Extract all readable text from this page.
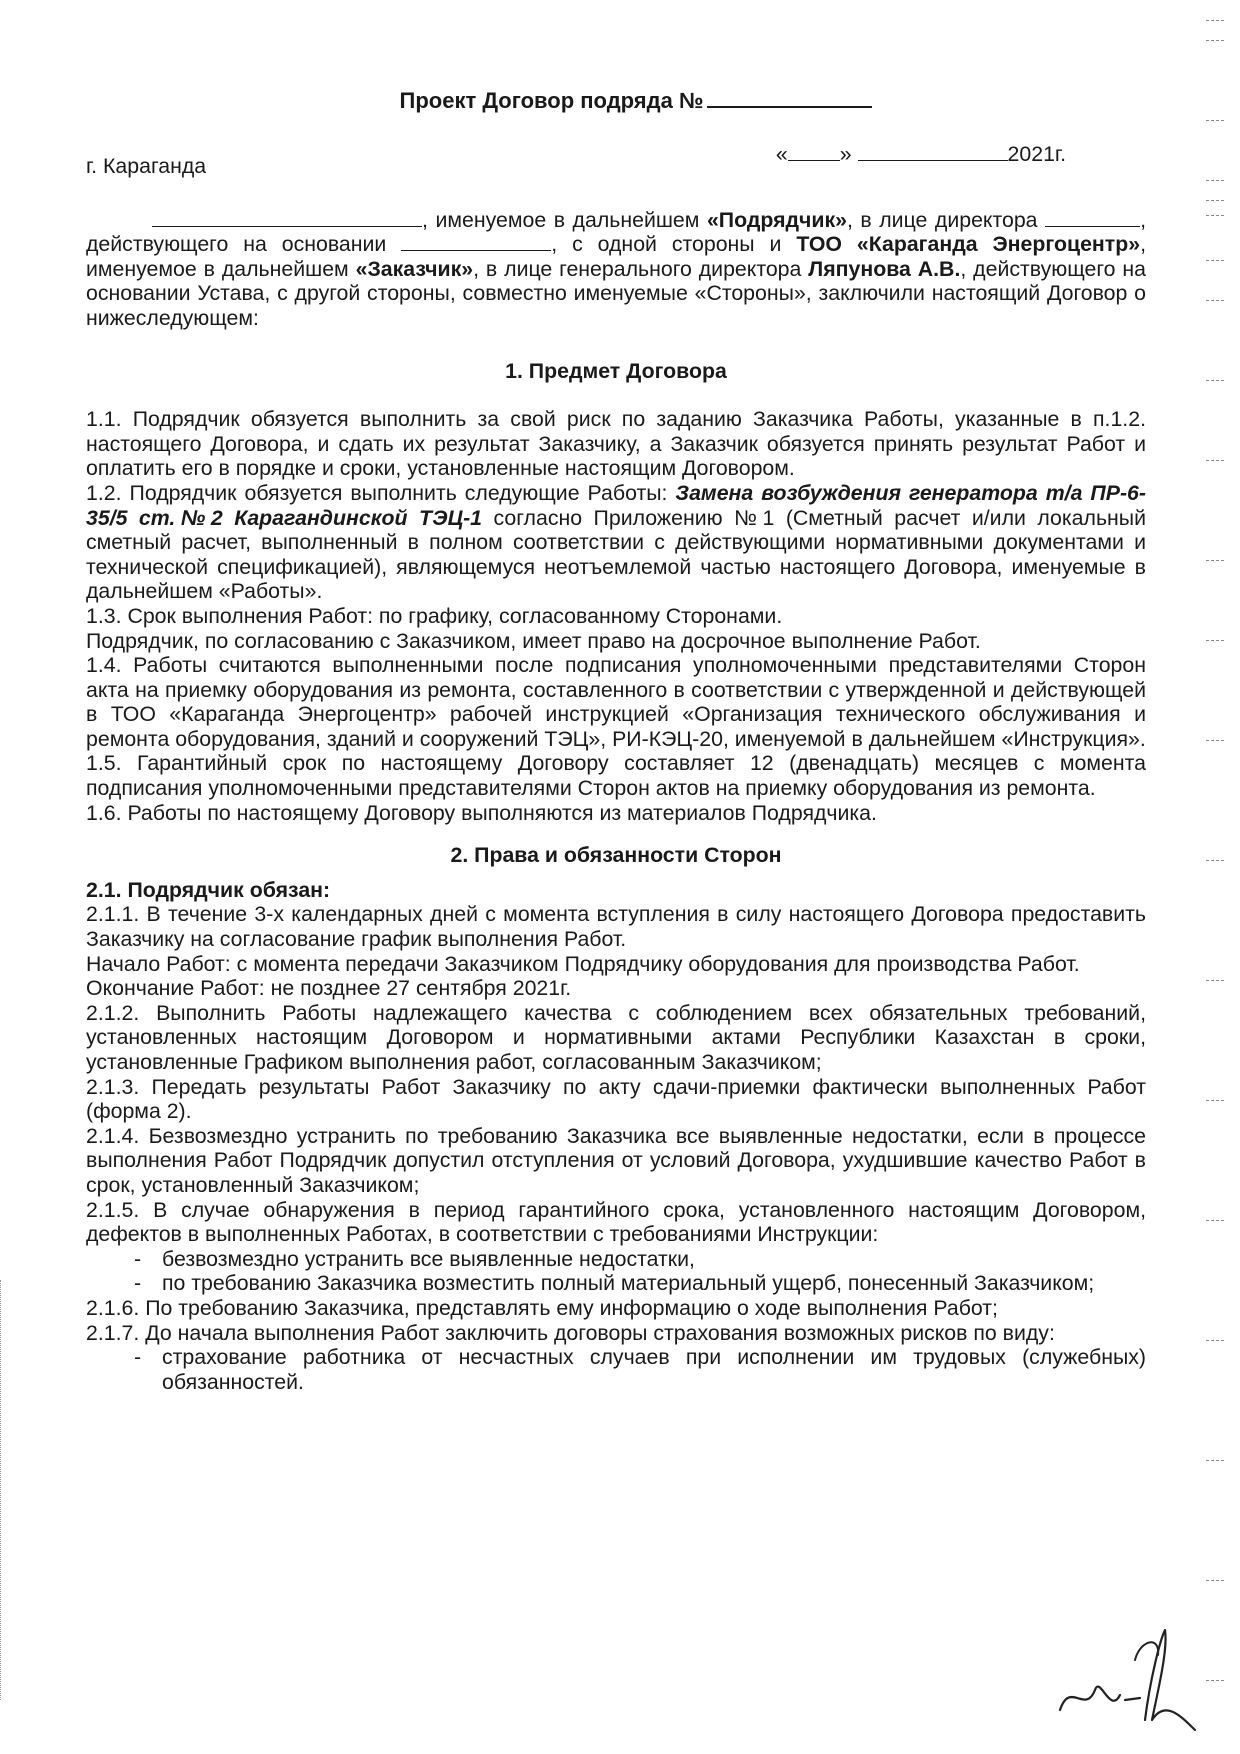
Проект Договор подряда №
г. Караганда	« »	2021г.

, именуемое в дальнейшем «Подрядчик», в лице директора	, действующего на основании	, с одной стороны и ТОО «Караганда Энергоцентр», именуемое в дальнейшем «Заказчик», в лице генерального директора Ляпунова А.В., действующего на основании Устава, с другой стороны, совместно именуемые «Стороны», заключили настоящий Договор о нижеследующем:

1. Предмет Договора

1.1. Подрядчик обязуется выполнить за свой риск по заданию Заказчика Работы, указанные в п.1.2. настоящего Договора, и сдать их результат Заказчику, а Заказчик обязуется принять результат Работ и оплатить его в порядке и сроки, установленные настоящим Договором.

1.2. Подрядчик обязуется выполнить следующие Работы: Замена возбуждения генератора т/а ПР-6-35/5 ст.№2 Карагандинской ТЭЦ-1 согласно Приложению №1 (Сметный расчет и/или локальный сметный расчет, выполненный в полном соответствии с действующими нормативными документами и технической спецификацией), являющемуся неотъемлемой частью настоящего Договора, именуемые в дальнейшем «Работы».

1.3. Срок выполнения Работ: по графику, согласованному Сторонами.

Подрядчик, по согласованию с Заказчиком, имеет право на досрочное выполнение Работ.

1.4. Работы считаются выполненными после подписания уполномоченными представителями Сторон акта на приемку оборудования из ремонта, составленного в соответствии с утвержденной и действующей в ТОО «Караганда Энергоцентр» рабочей инструкцией «Организация технического обслуживания и ремонта оборудования, зданий и сооружений ТЭЦ», РИ-КЭЦ-20, именуемой в дальнейшем «Инструкция».

1.5. Гарантийный срок по настоящему Договору составляет 12 (двенадцать) месяцев с момента подписания уполномоченными представителями Сторон актов на приемку оборудования из ремонта.

1.6. Работы по настоящему Договору выполняются из материалов Подрядчика.

2. Права и обязанности Сторон

2.1. Подрядчик обязан:

2.1.1. В течение 3-х календарных дней с момента вступления в силу настоящего Договора предоставить Заказчику на согласование график выполнения Работ.

Начало Работ: с момента передачи Заказчиком Подрядчику оборудования для производства Работ.

Окончание Работ: не позднее 27 сентября 2021г.

2.1.2. Выполнить Работы надлежащего качества с соблюдением всех обязательных требований, установленных настоящим Договором и нормативными актами Республики Казахстан в сроки, установленные Графиком выполнения работ, согласованным Заказчиком;

2.1.3. Передать результаты Работ Заказчику по акту сдачи-приемки фактически выполненных Работ (форма 2).

2.1.4. Безвозмездно устранить по требованию Заказчика все выявленные недостатки, если в процессе выполнения Работ Подрядчик допустил отступления от условий Договора, ухудшившие качество Работ в срок, установленный Заказчиком;

2.1.5. В случае обнаружения в период гарантийного срока, установленного настоящим Договором, дефектов в выполненных Работах, в соответствии с требованиями Инструкции:

- безвозмездно устранить все выявленные недостатки,

- по требованию Заказчика возместить полный материальный ущерб, понесенный Заказчиком;

2.1.6. По требованию Заказчика, представлять ему информацию о ходе выполнения Работ;

2.1.7. До начала выполнения Работ заключить договоры страхования возможных рисков по виду:

- страхование работника от несчастных случаев при исполнении им трудовых (служебных) обязанностей.
